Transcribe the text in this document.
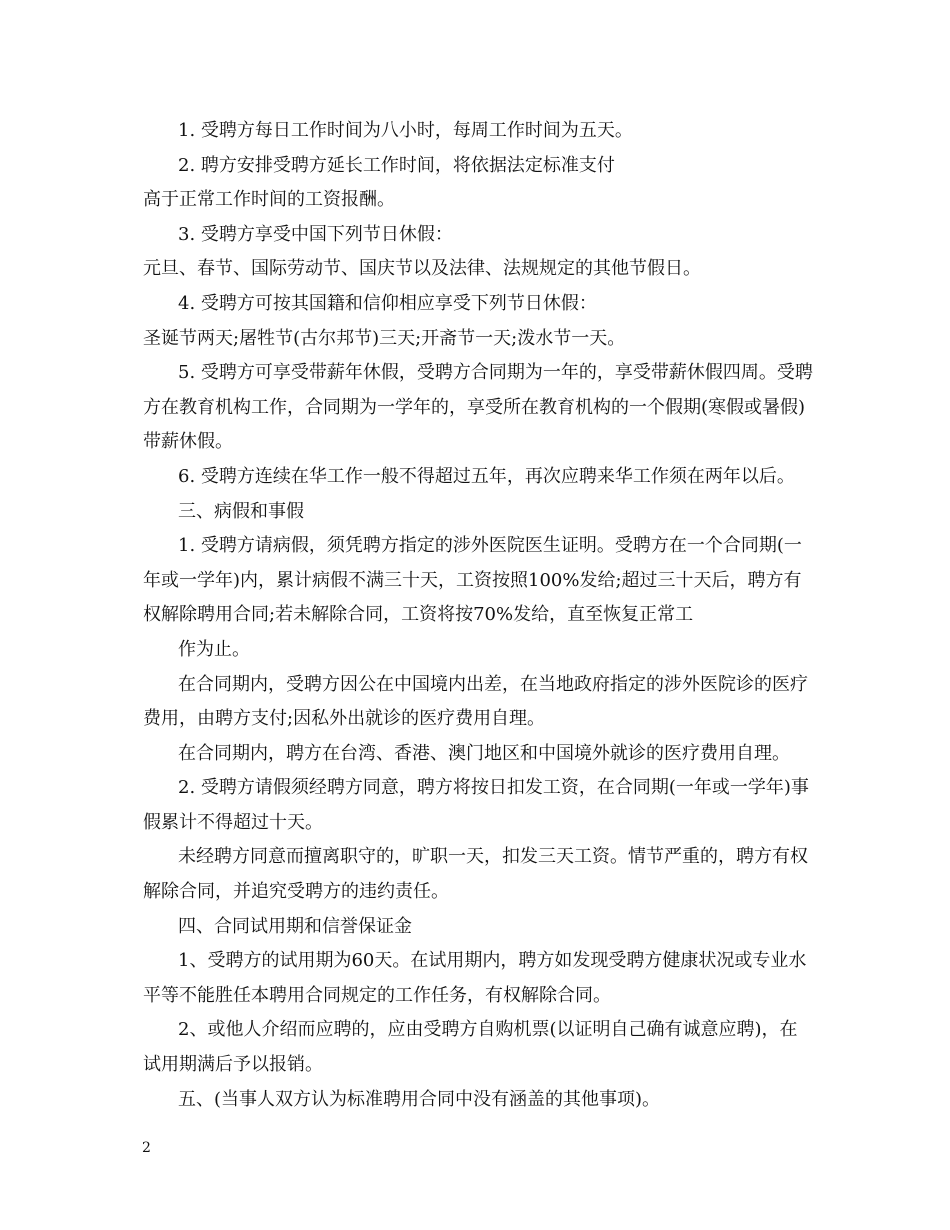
1. 受聘方每日工作时间为八小时，每周工作时间为五天。

2. 聘方安排受聘方延长工作时间，将依据法定标准支付

高于正常工作时间的工资报酬。

3. 受聘方享受中国下列节日休假：

元旦、春节、国际劳动节、国庆节以及法律、法规规定的其他节假日。

4. 受聘方可按其国籍和信仰相应享受下列节日休假：

圣诞节两天;屠牲节(古尔邦节)三天;开斋节一天;泼水节一天。

5. 受聘方可享受带薪年休假，受聘方合同期为一年的，享受带薪休假四周。受聘方在教育机构工作，合同期为一学年的，享受所在教育机构的一个假期(寒假或暑假)带薪休假。

6. 受聘方连续在华工作一般不得超过五年，再次应聘来华工作须在两年以后。

三、病假和事假

1. 受聘方请病假，须凭聘方指定的涉外医院医生证明。受聘方在一个合同期(一年或一学年)内，累计病假不满三十天，工资按照100%发给;超过三十天后，聘方有权解除聘用合同;若未解除合同，工资将按70%发给，直至恢复正常工

作为止。

在合同期内，受聘方因公在中国境内出差，在当地政府指定的涉外医院诊的医疗费用，由聘方支付;因私外出就诊的医疗费用自理。

在合同期内，聘方在台湾、香港、澳门地区和中国境外就诊的医疗费用自理。

2. 受聘方请假须经聘方同意，聘方将按日扣发工资，在合同期(一年或一学年)事假累计不得超过十天。

未经聘方同意而擅离职守的，旷职一天，扣发三天工资。情节严重的，聘方有权解除合同，并追究受聘方的违约责任。

四、合同试用期和信誉保证金

1、受聘方的试用期为60天。在试用期内，聘方如发现受聘方健康状况或专业水平等不能胜任本聘用合同规定的工作任务，有权解除合同。

2、或他人介绍而应聘的，应由受聘方自购机票(以证明自己确有诚意应聘)，在试用期满后予以报销。

五、(当事人双方认为标准聘用合同中没有涵盖的其他事项)。

2
